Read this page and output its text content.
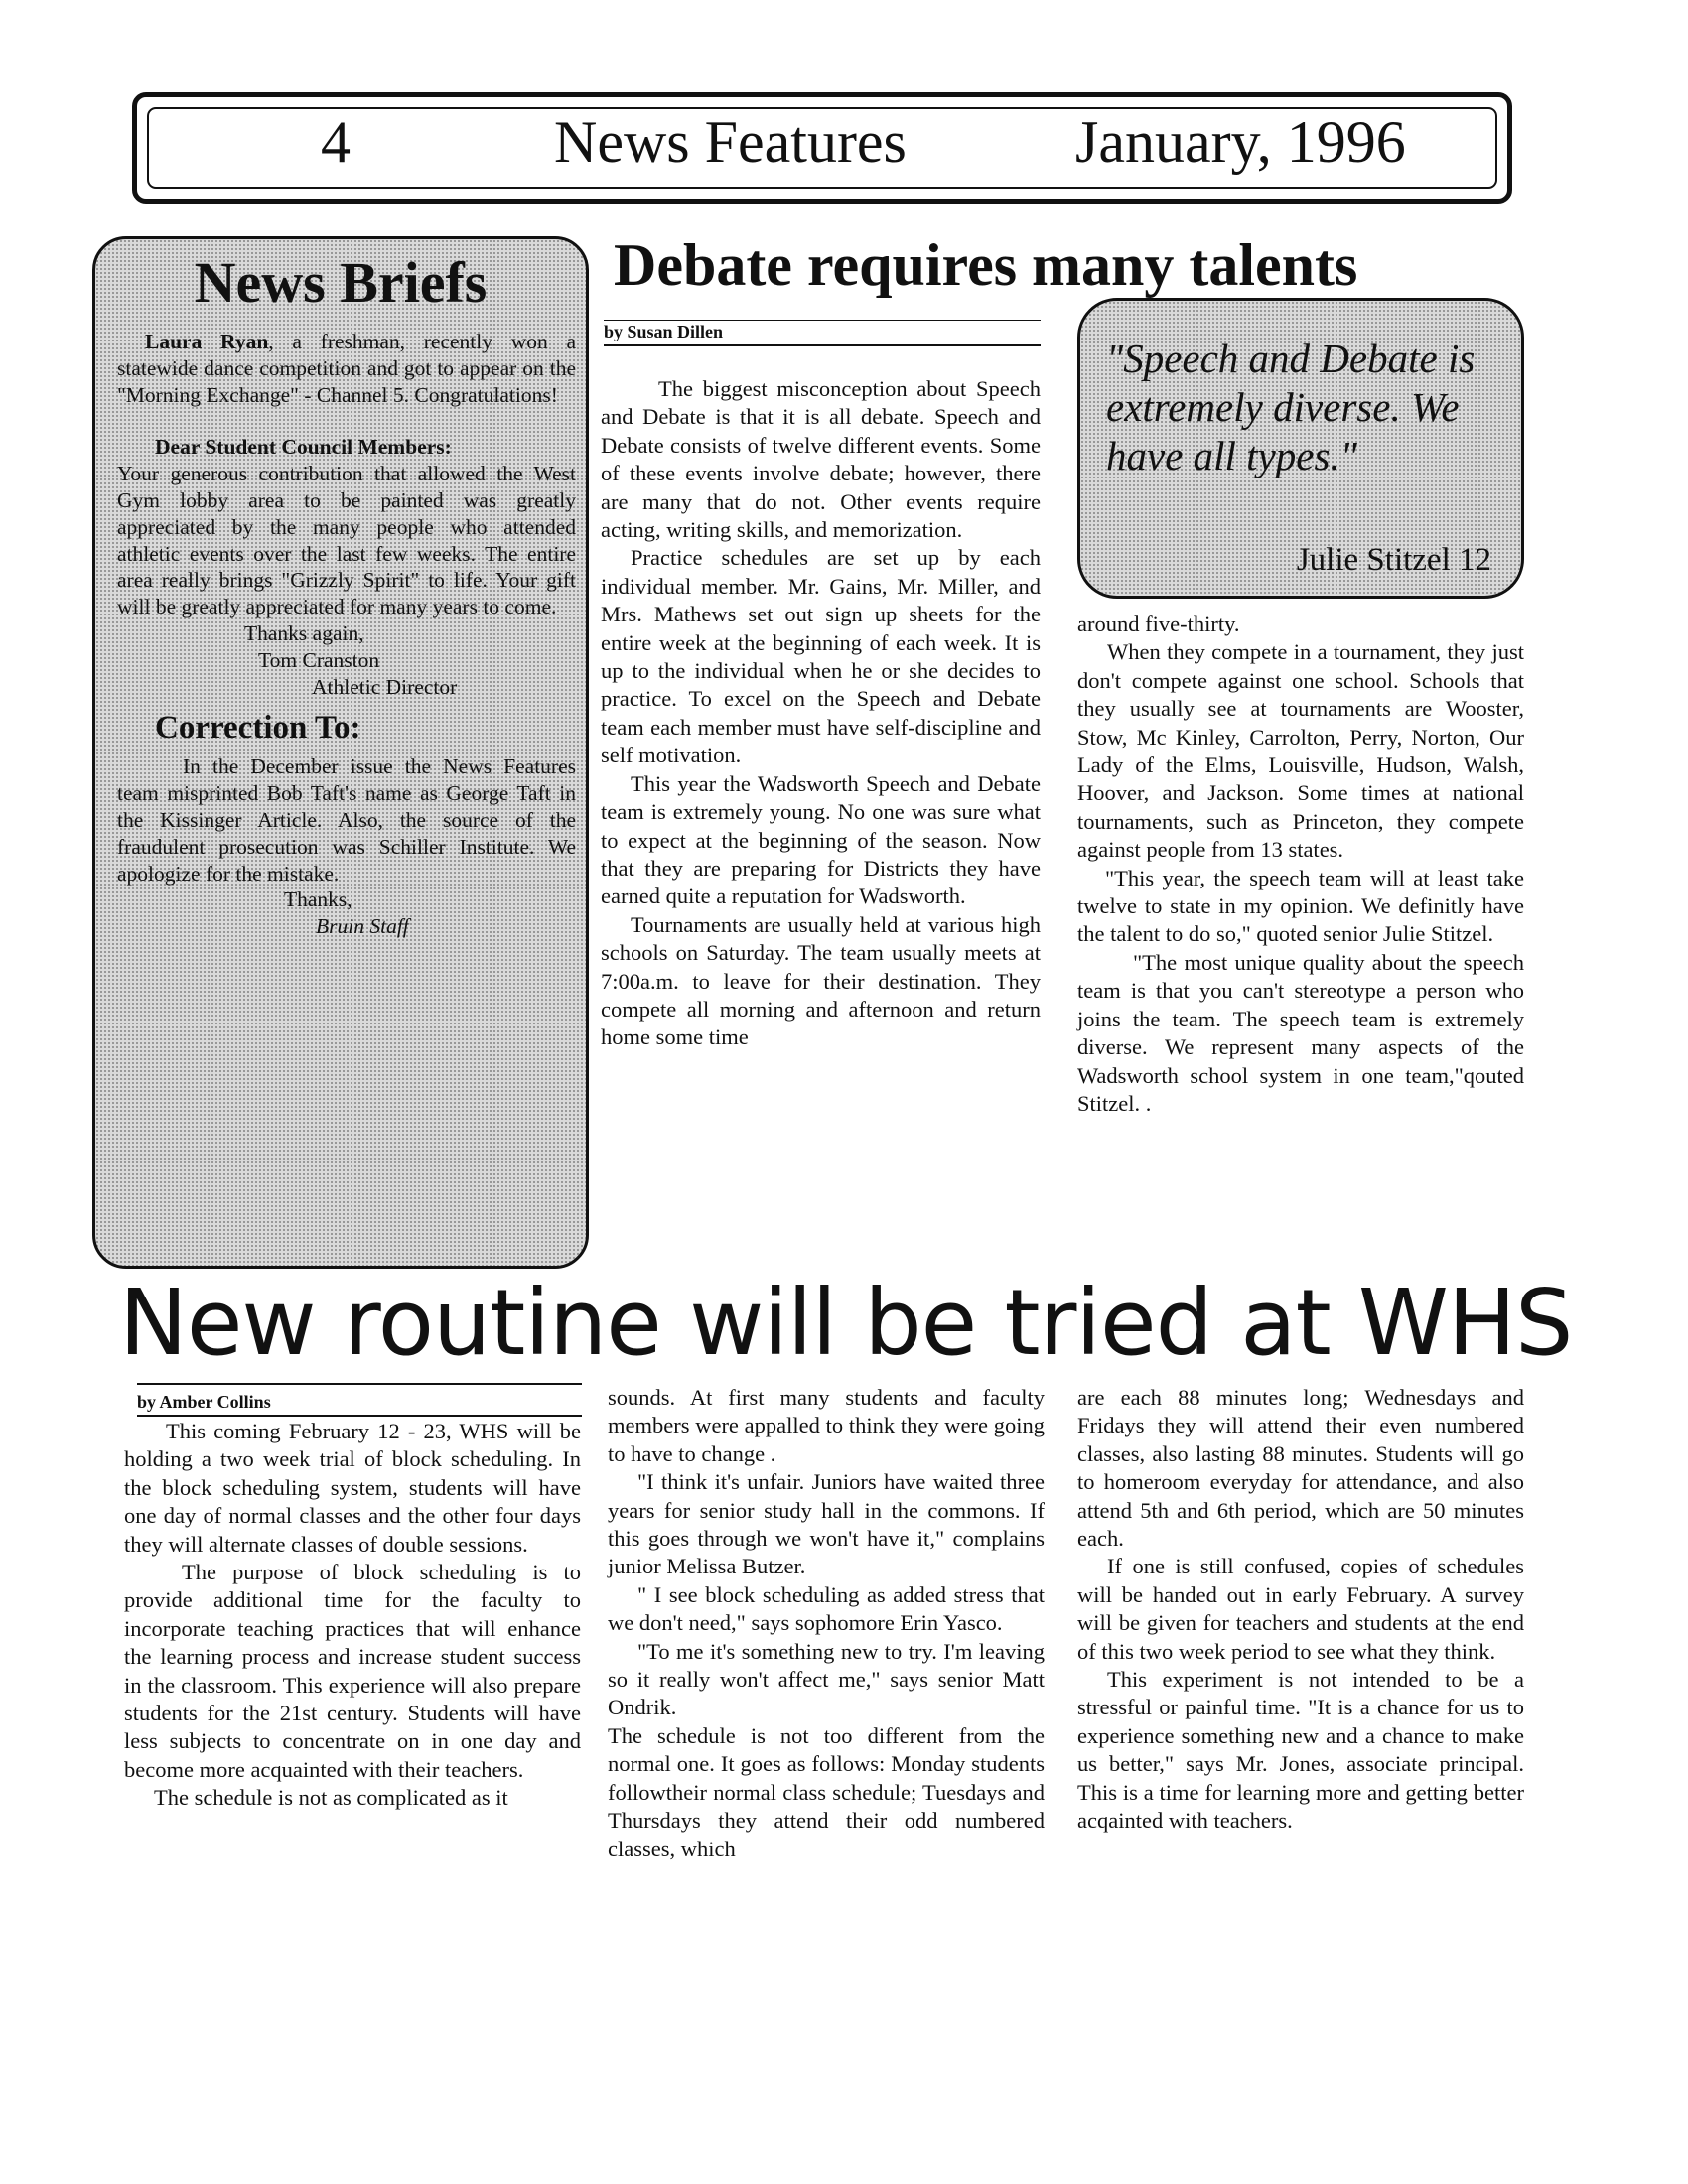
4	News Features	January, 1996
News Briefs

Laura Ryan, a freshman, recently won a statewide dance competition and got to appear on the "Morning Exchange" - Channel 5. Congratulations!

Dear Student Council Members:

Your generous contribution that allowed the West Gym lobby area to be painted was greatly appreciated by the many people who attended athletic events over the last few weeks. The entire area really brings "Grizzly Spirit" to life. Your gift will be greatly appreciated for many years to come.

Thanks again,

Tom Cranston

Athletic Director

Correction To:

In the December issue the News Features team misprinted Bob Taft's name as George Taft in the Kissinger Article. Also, the source of the fraudulent prosecution was Schiller Institute. We apologize for the mistake.

Thanks,

Bruin Staff

Debate requires many talents
by Susan Dillen

The biggest misconception about Speech and Debate is that it is all debate. Speech and Debate consists of twelve different events. Some of these events involve debate; however, there are many that do not. Other events require acting, writing skills, and memorization.

Practice schedules are set up by each individual member. Mr. Gains, Mr. Miller, and Mrs. Mathews set out sign up sheets for the entire week at the beginning of each week. It is up to the individual when he or she decides to practice. To excel on the Speech and Debate team each member must have self-discipline and self motivation.

This year the Wadsworth Speech and Debate team is extremely young. No one was sure what to expect at the beginning of the season. Now that they are preparing for Districts they have earned quite a reputation for Wadsworth.

Tournaments are usually held at various high schools on Saturday. The team usually meets at 7:00a.m. to leave for their destination. They compete all morning and afternoon and return home some time

"Speech and Debate is extremely diverse. We have all types."
Julie Stitzel 12

around five-thirty.

When they compete in a tournament, they just don't compete against one school. Schools that they usually see at tournaments are Wooster, Stow, Mc Kinley, Carrolton, Perry, Norton, Our Lady of the Elms, Louisville, Hudson, Walsh, Hoover, and Jackson. Some times at national tournaments, such as Princeton, they compete against people from 13 states.

"This year, the speech team will at least take twelve to state in my opinion. We definitly have the talent to do so," quoted senior Julie Stitzel.

"The most unique quality about the speech team is that you can't stereotype a person who joins the team. The speech team is extremely diverse. We represent many aspects of the Wadsworth school system in one team,"qouted Stitzel. .

New routine will be tried at WHS
by Amber Collins

This coming February 12 - 23, WHS will be holding a two week trial of block scheduling. In the block scheduling system, students will have one day of normal classes and the other four days they will alternate classes of double sessions.

The purpose of block scheduling is to provide additional time for the faculty to incorporate teaching practices that will enhance the learning process and increase student success in the classroom. This experience will also prepare students for the 21st century. Students will have less subjects to concentrate on in one day and become more acquainted with their teachers.

The schedule is not as complicated as it

sounds. At first many students and faculty members were appalled to think they were going to have to change .

"I think it's unfair. Juniors have waited three years for senior study hall in the commons. If this goes through we won't have it," complains junior Melissa Butzer.

" I see block scheduling as added stress that we don't need," says sophomore Erin Yasco.

"To me it's something new to try. I'm leaving so it really won't affect me," says senior Matt Ondrik.

The schedule is not too different from the normal one. It goes as follows: Monday students followtheir normal class schedule; Tuesdays and Thursdays they attend their odd numbered classes, which

are each 88 minutes long; Wednesdays and Fridays they will attend their even numbered classes, also lasting 88 minutes. Students will go to homeroom everyday for attendance, and also attend 5th and 6th period, which are 50 minutes each.

If one is still confused, copies of schedules will be handed out in early February. A survey will be given for teachers and students at the end of this two week period to see what they think.

This experiment is not intended to be a stressful or painful time. "It is a chance for us to experience something new and a chance to make us better," says Mr. Jones, associate principal. This is a time for learning more and getting better acqainted with teachers.
